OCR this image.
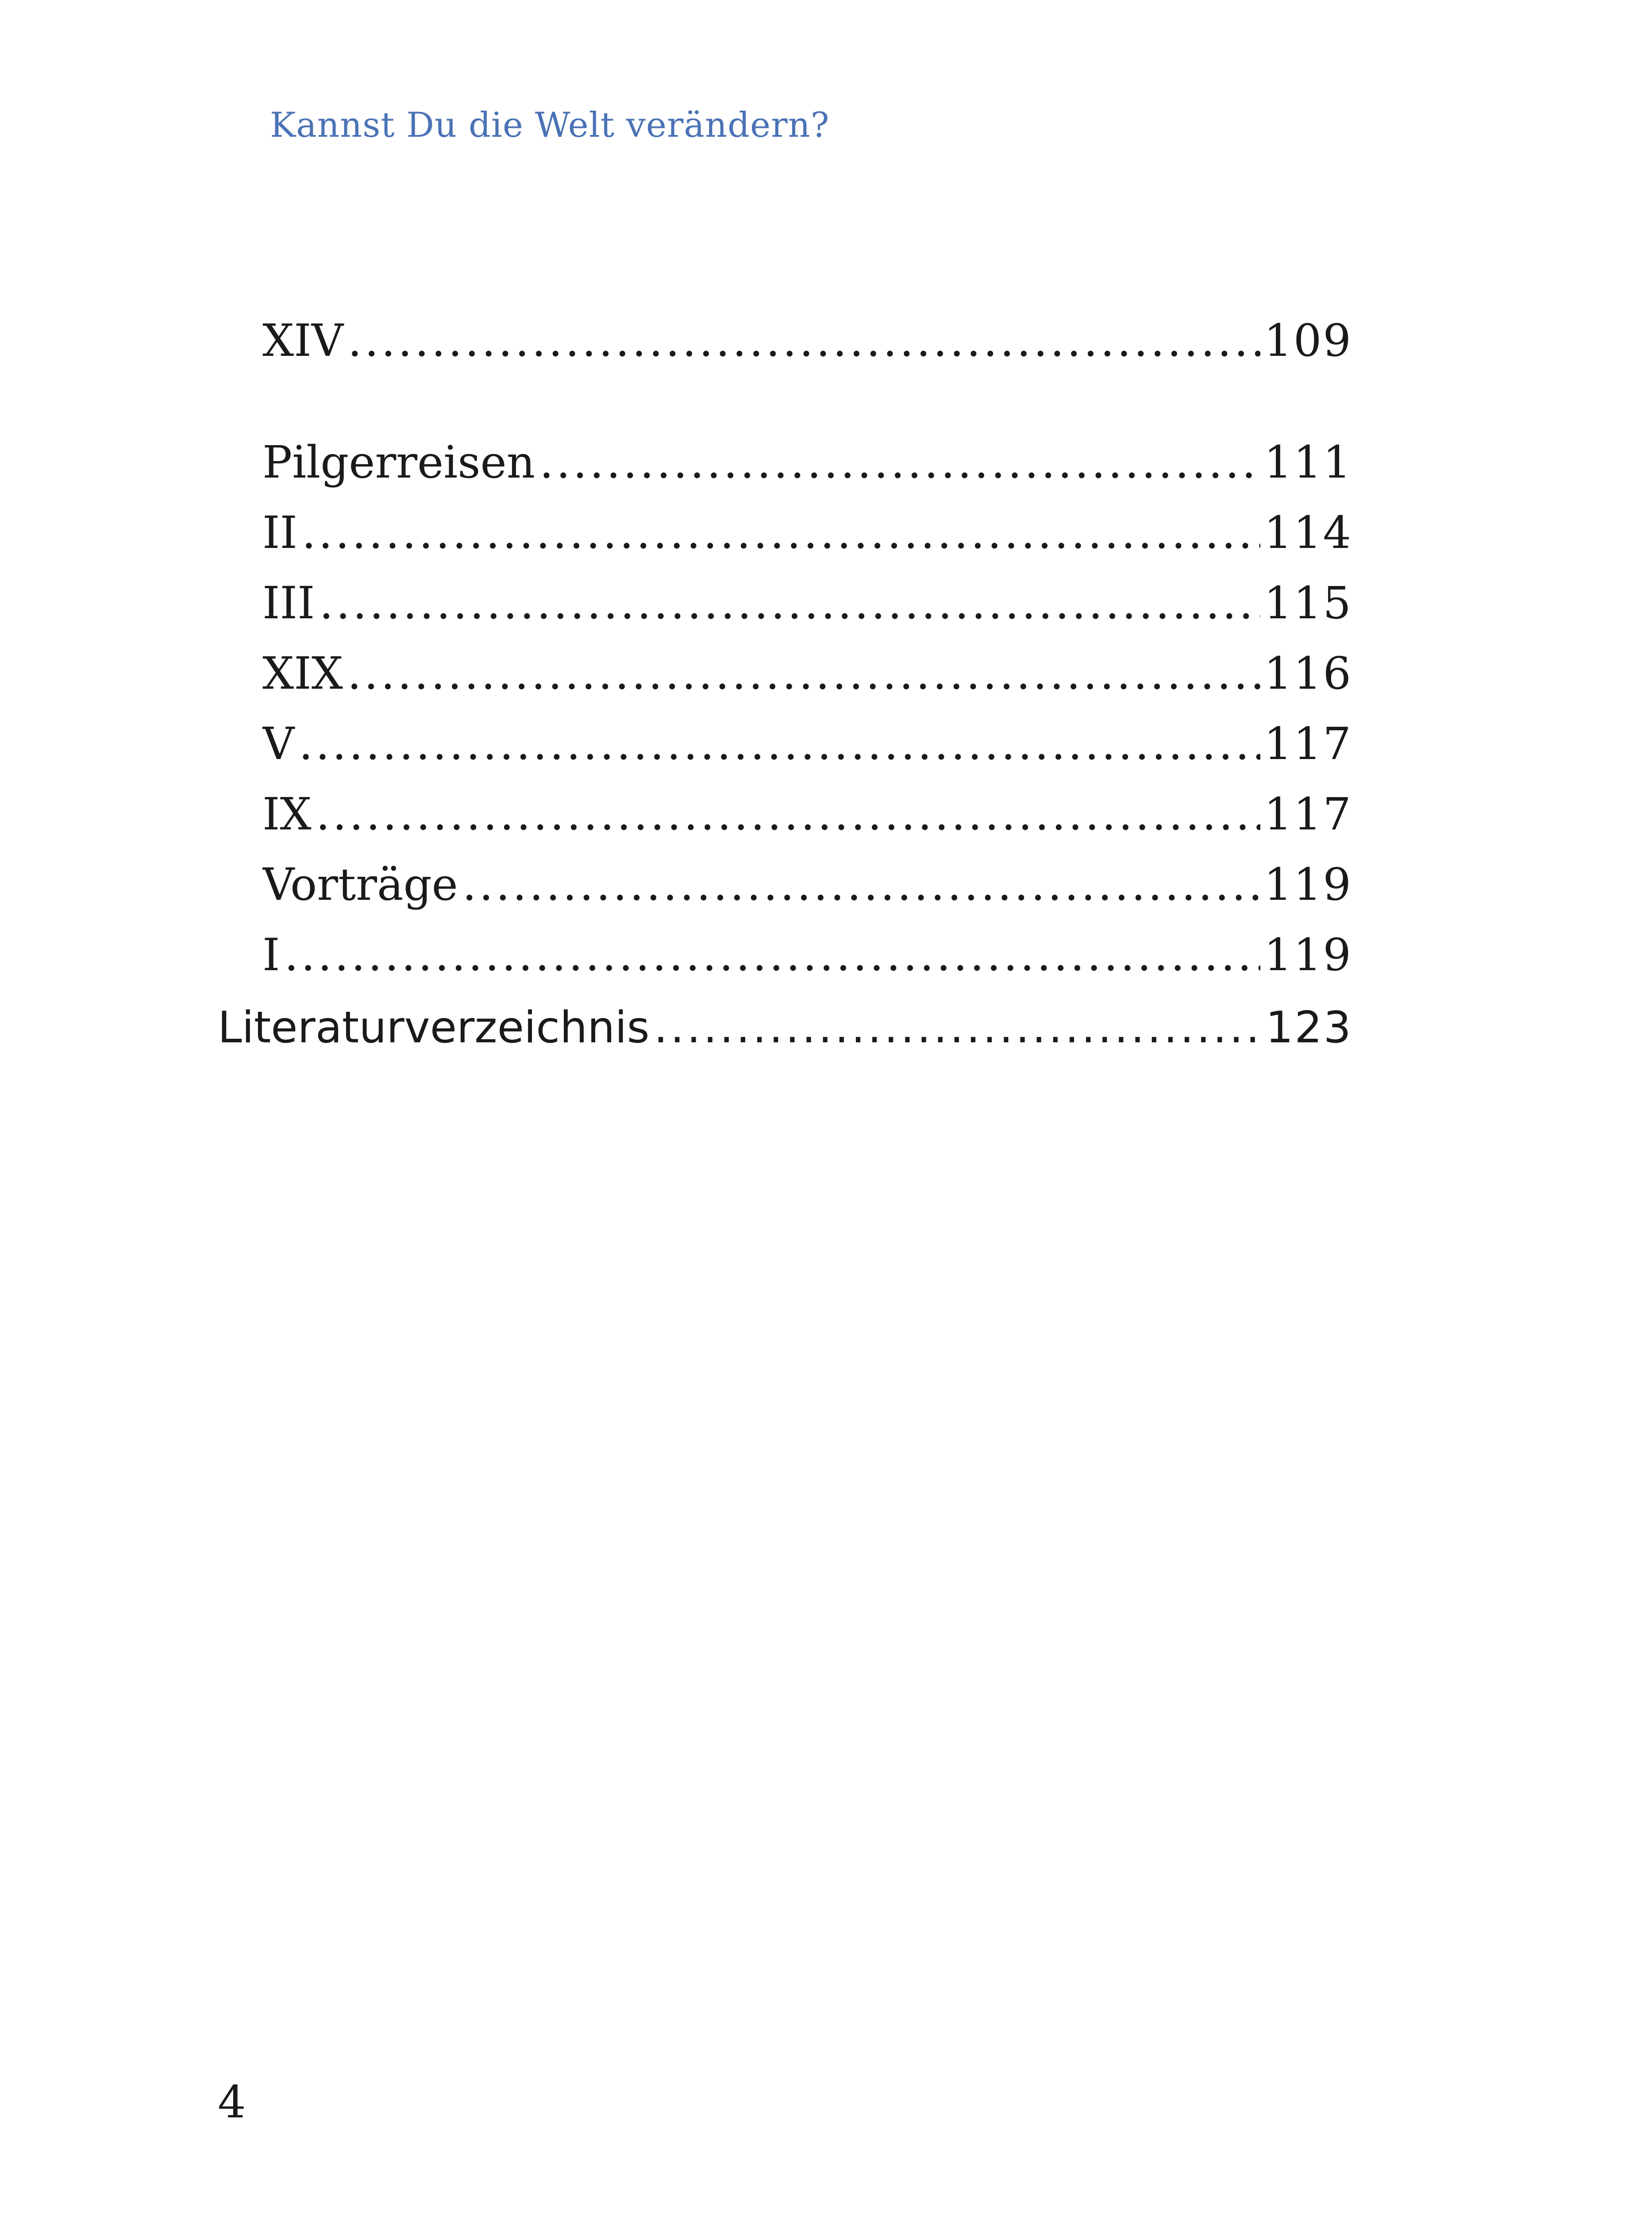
Kannst Du die Welt verändern?
XIV .....	109
Pilgerreisen .....	111
II .....	114
III .....	115
XIX .....	116
V .....	117
IX .....	117
Vorträge .....	119
I .....	119
Literaturverzeichnis .....	123
4
